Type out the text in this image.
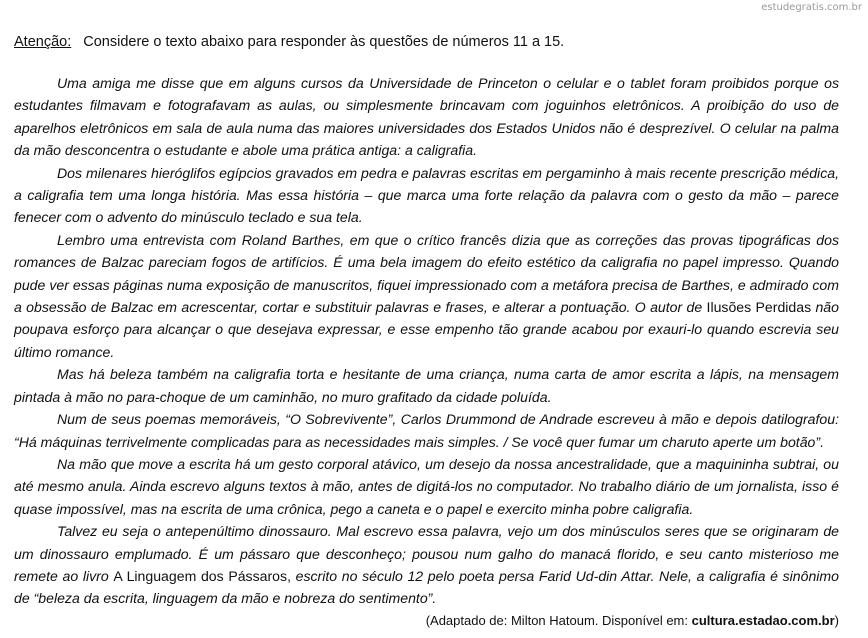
estudegratis.com.br

Atenção: Considere o texto abaixo para responder às questões de números 11 a 15.

Uma amiga me disse que em alguns cursos da Universidade de Princeton o celular e o tablet foram proibidos porque os estudantes filmavam e fotografavam as aulas, ou simplesmente brincavam com joguinhos eletrônicos. A proibição do uso de aparelhos eletrônicos em sala de aula numa das maiores universidades dos Estados Unidos não é desprezível. O celular na palma da mão desconcentra o estudante e abole uma prática antiga: a caligrafia.

Dos milenares hieróglifos egípcios gravados em pedra e palavras escritas em pergaminho à mais recente prescrição médica, a caligrafia tem uma longa história. Mas essa história – que marca uma forte relação da palavra com o gesto da mão – parece fenecer com o advento do minúsculo teclado e sua tela.

Lembro uma entrevista com Roland Barthes, em que o crítico francês dizia que as correções das provas tipográficas dos romances de Balzac pareciam fogos de artifícios. É uma bela imagem do efeito estético da caligrafia no papel impresso. Quando pude ver essas páginas numa exposição de manuscritos, fiquei impressionado com a metáfora precisa de Barthes, e admirado com a obsessão de Balzac em acrescentar, cortar e substituir palavras e frases, e alterar a pontuação. O autor de Ilusões Perdidas não poupava esforço para alcançar o que desejava expressar, e esse empenho tão grande acabou por exauri-lo quando escrevia seu último romance.

Mas há beleza também na caligrafia torta e hesitante de uma criança, numa carta de amor escrita a lápis, na mensagem pintada à mão no para-choque de um caminhão, no muro grafitado da cidade poluída.

Num de seus poemas memoráveis, “O Sobrevivente”, Carlos Drummond de Andrade escreveu à mão e depois datilografou: “Há máquinas terrivelmente complicadas para as necessidades mais simples. / Se você quer fumar um charuto aperte um botão”.

Na mão que move a escrita há um gesto corporal atávico, um desejo da nossa ancestralidade, que a maquininha subtrai, ou até mesmo anula. Ainda escrevo alguns textos à mão, antes de digitá-los no computador. No trabalho diário de um jornalista, isso é quase impossível, mas na escrita de uma crônica, pego a caneta e o papel e exercito minha pobre caligrafia.

Talvez eu seja o antepenúltimo dinossauro. Mal escrevo essa palavra, vejo um dos minúsculos seres que se originaram de um dinossauro emplumado. É um pássaro que desconheço; pousou num galho do manacá florido, e seu canto misterioso me remete ao livro A Linguagem dos Pássaros, escrito no século 12 pelo poeta persa Farid Ud-din Attar. Nele, a caligrafia é sinônimo de “beleza da escrita, linguagem da mão e nobreza do sentimento”.

(Adaptado de: Milton Hatoum. Disponível em: cultura.estadao.com.br)
